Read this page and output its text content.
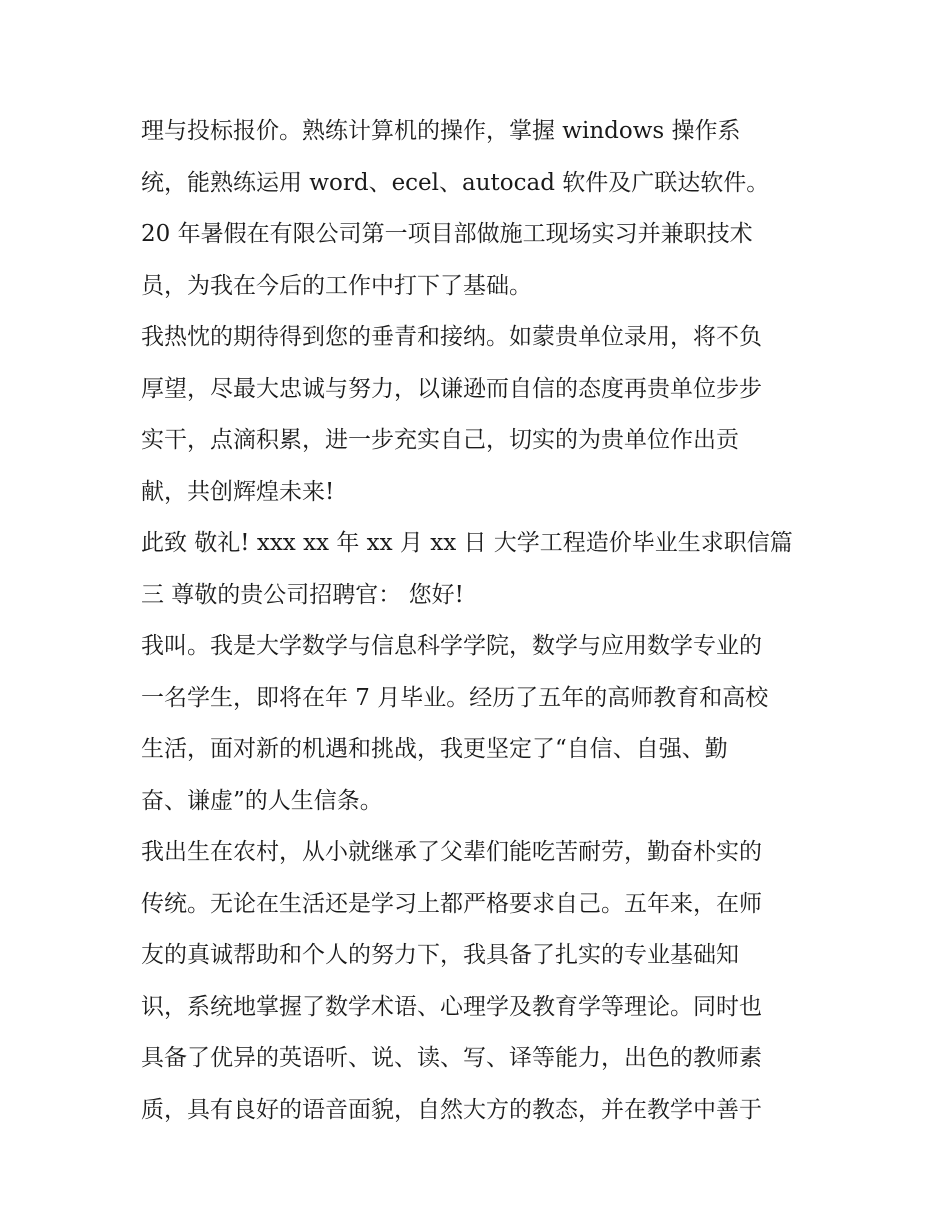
理与投标报价。熟练计算机的操作，掌握 windows 操作系
统，能熟练运用 word、ecel、autocad 软件及广联达软件。
20 年暑假在有限公司第一项目部做施工现场实习并兼职技术
员，为我在今后的工作中打下了基础。
我热忱的期待得到您的垂青和接纳。如蒙贵单位录用，将不负
厚望，尽最大忠诚与努力，以谦逊而自信的态度再贵单位步步
实干，点滴积累，进一步充实自己，切实的为贵单位作出贡
献，共创辉煌未来!
此致 敬礼! xxx xx 年 xx 月 xx 日 大学工程造价毕业生求职信篇
三 尊敬的贵公司招聘官： 您好!
我叫。我是大学数学与信息科学学院，数学与应用数学专业的
一名学生，即将在年 7 月毕业。经历了五年的高师教育和高校
生活，面对新的机遇和挑战，我更坚定了“自信、自强、勤
奋、谦虚”的人生信条。
我出生在农村，从小就继承了父辈们能吃苦耐劳，勤奋朴实的
传统。无论在生活还是学习上都严格要求自己。五年来，在师
友的真诚帮助和个人的努力下，我具备了扎实的专业基础知
识，系统地掌握了数学术语、心理学及教育学等理论。同时也
具备了优异的英语听、说、读、写、译等能力，出色的教师素
质，具有良好的语音面貌，自然大方的教态，并在教学中善于
